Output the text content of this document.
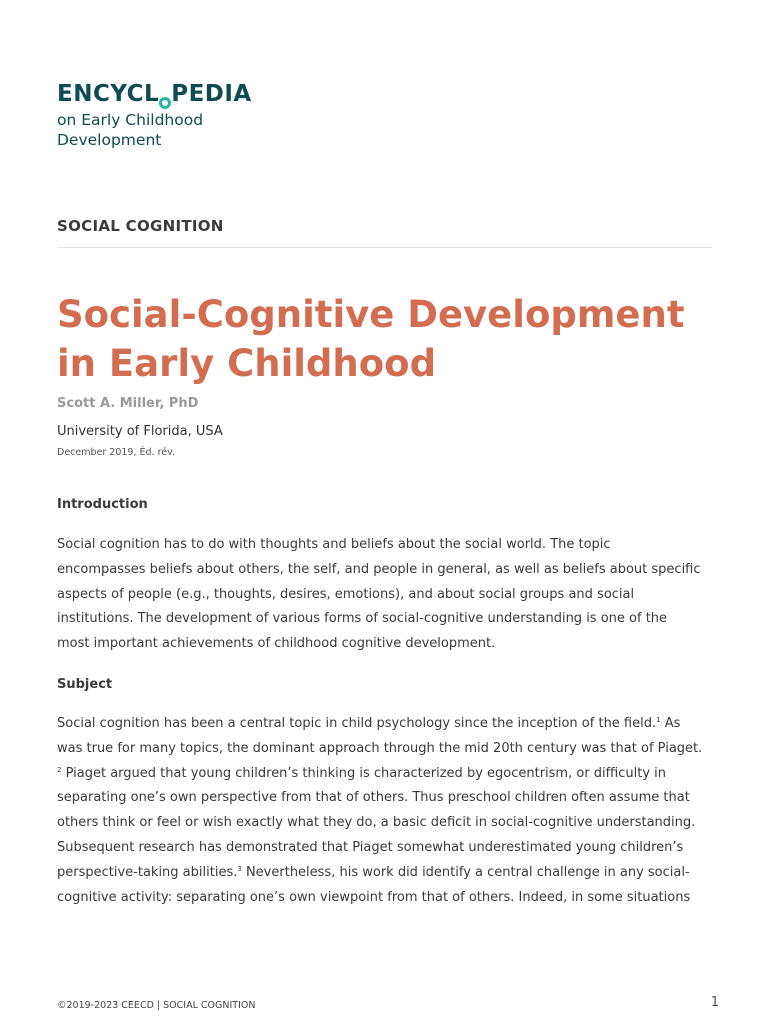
ENCYCL PEDIA
on Early Childhood
Development
SOCIAL COGNITION
Social-Cognitive Development
in Early Childhood
Scott A. Miller, PhD
University of Florida, USA
December 2019, Éd. rév.
Introduction

Social cognition has to do with thoughts and beliefs about the social world. The topic
encompasses beliefs about others, the self, and people in general, as well as beliefs about specific
aspects of people (e.g., thoughts, desires, emotions), and about social groups and social
institutions. The development of various forms of social-cognitive understanding is one of the
most important achievements of childhood cognitive development.

Subject

Social cognition has been a central topic in child psychology since the inception of the field.$^1$ As
was true for many topics, the dominant approach through the mid 20th century was that of Piaget.
$^2$ Piaget argued that young children’s thinking is characterized by egocentrism, or difficulty in
separating one’s own perspective from that of others. Thus preschool children often assume that
others think or feel or wish exactly what they do, a basic deficit in social-cognitive understanding.
Subsequent research has demonstrated that Piaget somewhat underestimated young children’s
perspective-taking abilities.$^3$ Nevertheless, his work did identify a central challenge in any social-
cognitive activity: separating one’s own viewpoint from that of others. Indeed, in some situations

©2019-2023 CEECD | SOCIAL COGNITION	1
